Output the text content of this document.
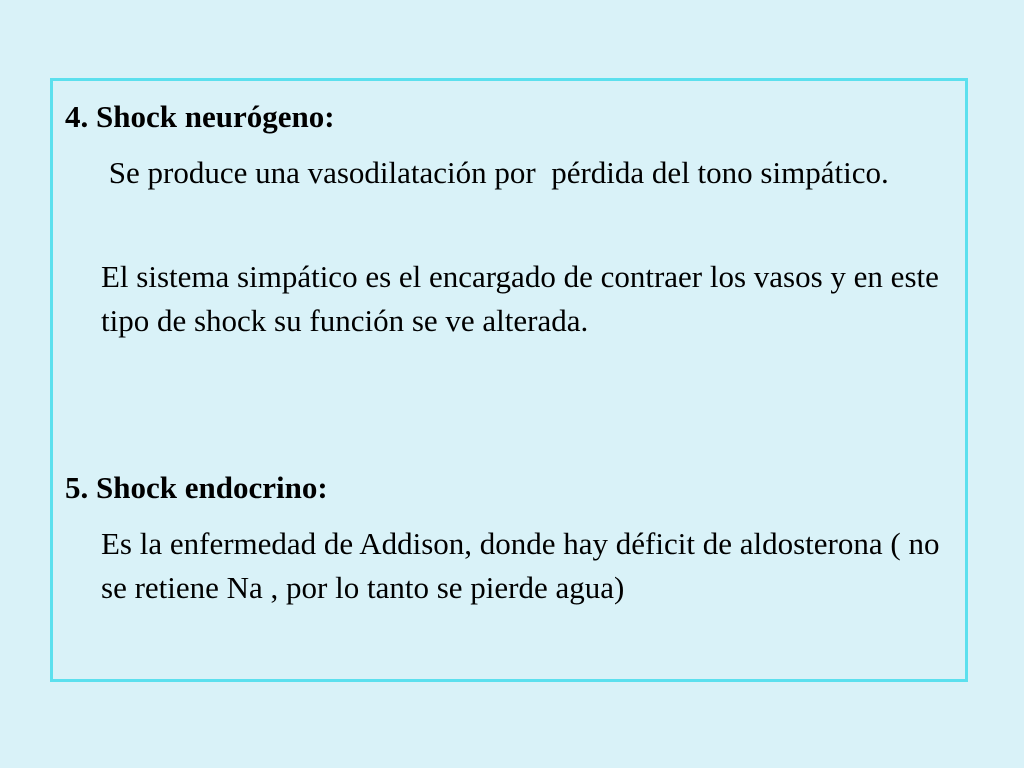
4. Shock neurógeno:
Se produce una vasodilatación por  pérdida del tono simpático.
El sistema simpático es el encargado de contraer los vasos y en este tipo de shock su función se ve alterada.
5. Shock endocrino:
Es la enfermedad de Addison, donde hay déficit de aldosterona ( no se retiene Na , por lo tanto se pierde agua)
